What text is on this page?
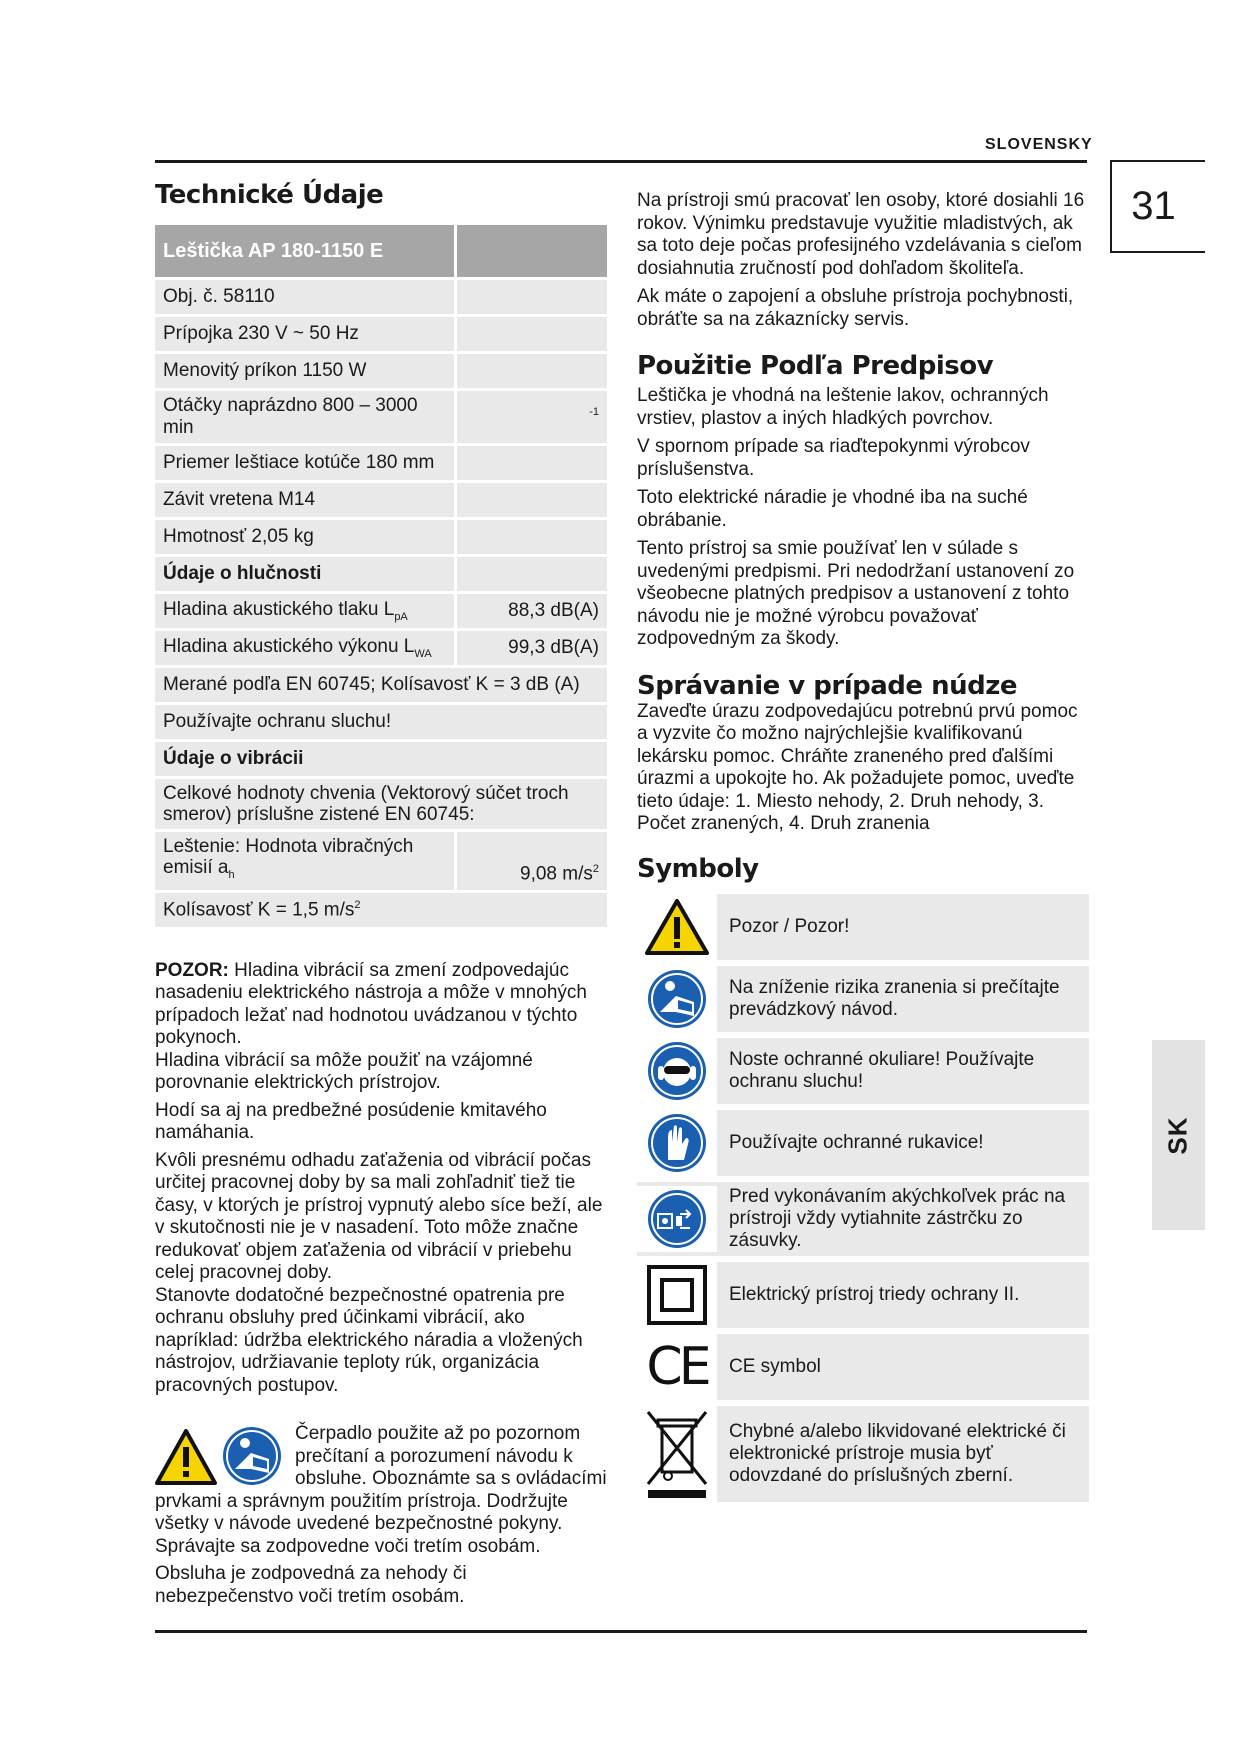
SLOVENSKY
31
SK
Technické Údaje
Leštička AP 180-1150 E	
Obj. č. 58110	
Prípojka 230 V ~ 50 Hz	
Menovitý príkon 1150 W	
Otáčky naprázdno 800 – 3000 min	$^{-1}$
Priemer leštiace kotúče 180 mm	
Závit vretena M14	
Hmotnosť 2,05 kg	
Údaje o hlučnosti	
Hladina akustického tlaku $L_{pA}$	88,3 dB(A)
Hladina akustického výkonu $L_{WA}$	99,3 dB(A)
Merané podľa EN 60745; Kolísavosť K = 3 dB (A)	
Používajte ochranu sluchu!	
Údaje o vibrácii	
Celkové hodnoty chvenia (Vektorový súčet troch smerov) príslušne zistené EN 60745:	
Leštenie: Hodnota vibračných emisií $a_h$	9,08 $m/s^2$
Kolísavosť K = 1,5 $m/s^2$

POZOR: Hladina vibrácií sa zmení zodpovedajúc nasadeniu elektrického nástroja a môže v mnohých prípadoch ležať nad hodnotou uvádzanou v týchto pokynoch.
Hladina vibrácií sa môže použiť na vzájomné porovnanie elektrických prístrojov.

Hodí sa aj na predbežné posúdenie kmitavého namáhania.

Kvôli presnému odhadu zaťaženia od vibrácií počas určitej pracovnej doby by sa mali zohľadniť tiež tie časy, v ktorých je prístroj vypnutý alebo síce beží, ale v skutočnosti nie je v nasadení. Toto môže značne redukovať objem zaťaženia od vibrácií v priebehu celej pracovnej doby.
Stanovte dodatočné bezpečnostné opatrenia pre ochranu obsluhy pred účinkami vibrácií, ako napríklad: údržba elektrického náradia a vložených nástrojov, udržiavanie teploty rúk, organizácia pracovných postupov.

Čerpadlo použite až po pozornom prečítaní a porozumení návodu k obsluhe. Oboznámte sa s ovládacími prvkami a správnym použitím prístroja. Dodržujte všetky v návode uvedené bezpečnostné pokyny. Správajte sa zodpovedne voči tretím osobám.

Obsluha je zodpovedná za nehody či nebezpečenstvo voči tretím osobám.

Na prístroji smú pracovať len osoby, ktoré dosiahli 16 rokov. Výnimku predstavuje využitie mladistvých, ak sa toto deje počas profesijného vzdelávania s cieľom dosiahnutia zručností pod dohľadom školiteľa.

Ak máte o zapojení a obsluhe prístroja pochybnosti, obráťte sa na zákaznícky servis.

Použitie Podľa Predpisov

Leštička je vhodná na leštenie lakov, ochranných vrstiev, plastov a iných hladkých povrchov.

V spornom prípade sa riaďtepokynmi výrobcov príslušenstva.

Toto elektrické náradie je vhodné iba na suché obrábanie.

Tento prístroj sa smie používať len v súlade s uvedenými predpismi. Pri nedodržaní ustanovení zo všeobecne platných predpisov a ustanovení z tohto návodu nie je možné výrobcu považovať zodpovedným za škody.

Správanie v prípade núdze

Zaveďte úrazu zodpovedajúcu potrebnú prvú pomoc a vyzvite čo možno najrýchlejšie kvalifikovanú lekársku pomoc. Chráňte zraneného pred ďalšími úrazmi a upokojte ho. Ak požadujete pomoc, uveďte tieto údaje: 1. Miesto nehody, 2. Druh nehody, 3. Počet zranených, 4. Druh zranenia

Symboly
Pozor / Pozor!
Na zníženie rizika zranenia si prečítajte prevádzkový návod.
Noste ochranné okuliare! Používajte ochranu sluchu!
Používajte ochranné rukavice!
Pred vykonávaním akýchkoľvek prác na prístroji vždy vytiahnite zástrčku zo zásuvky.
Elektrický prístroj triedy ochrany II.
CE	CE symbol
Chybné a/alebo likvidované elektrické či elektronické prístroje musia byť odovzdané do príslušných zberní.
